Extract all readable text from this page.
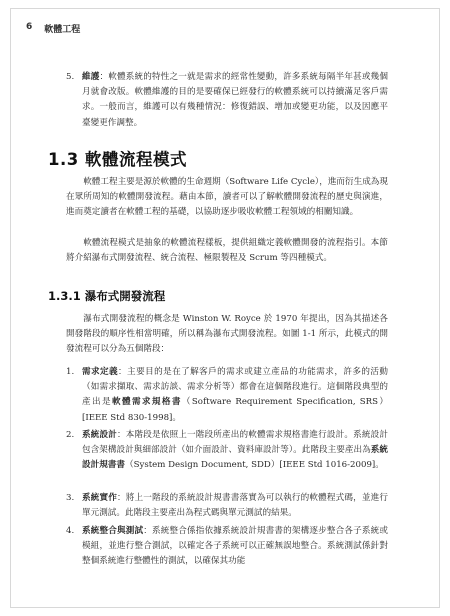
6 軟體工程
5. 維護：軟體系統的特性之一就是需求的經常性變動，許多系統每隔半年甚或幾個月就會改版。軟體維護的目的是要確保已經發行的軟體系統可以持續滿足客戶需求。一般而言，維護可以有幾種情況：修復錯誤、增加或變更功能，以及因應平臺變更作調整。
1.3 軟體流程模式

軟體工程主要是源於軟體的生命週期（Software Life Cycle），進而衍生成為現在眾所周知的軟體開發流程。藉由本節，讀者可以了解軟體開發流程的歷史與演進，進而奠定讀者在軟體工程的基礎，以協助逐步吸收軟體工程領域的相關知識。

軟體流程模式是抽象的軟體流程樣板，提供組織定義軟體開發的流程指引。本節將介紹瀑布式開發流程、統合流程、極限製程及 Scrum 等四種模式。

1.3.1 瀑布式開發流程

瀑布式開發流程的概念是 Winston W. Royce 於 1970 年提出，因為其描述各開發階段的順序性相當明確，所以稱為瀑布式開發流程。如圖 1-1 所示，此模式的開發流程可以分為五個階段：

1. 需求定義：主要目的是在了解客戶的需求或建立產品的功能需求，許多的活動（如需求擷取、需求訪談、需求分析等）都會在這個階段進行。這個階段典型的產出是軟體需求規格書（Software Requirement Specification, SRS）[IEEE Std 830-1998]。
2. 系統設計：本階段是依照上一階段所產出的軟體需求規格書進行設計。系統設計包含架構設計與細部設計（如介面設計、資料庫設計等）。此階段主要產出為系統設計規書書（System Design Document, SDD）[IEEE Std 1016-2009]。
3. 系統實作：將上一階段的系統設計規書書落實為可以執行的軟體程式碼，並進行單元測試。此階段主要產出為程式碼與單元測試的結果。
4. 系統整合與測試：系統整合係指依據系統設計規書書的架構逐步整合各子系統或模組，並進行整合測試，以確定各子系統可以正確無誤地整合。系統測試係針對整個系統進行整體性的測試，以確保其功能
